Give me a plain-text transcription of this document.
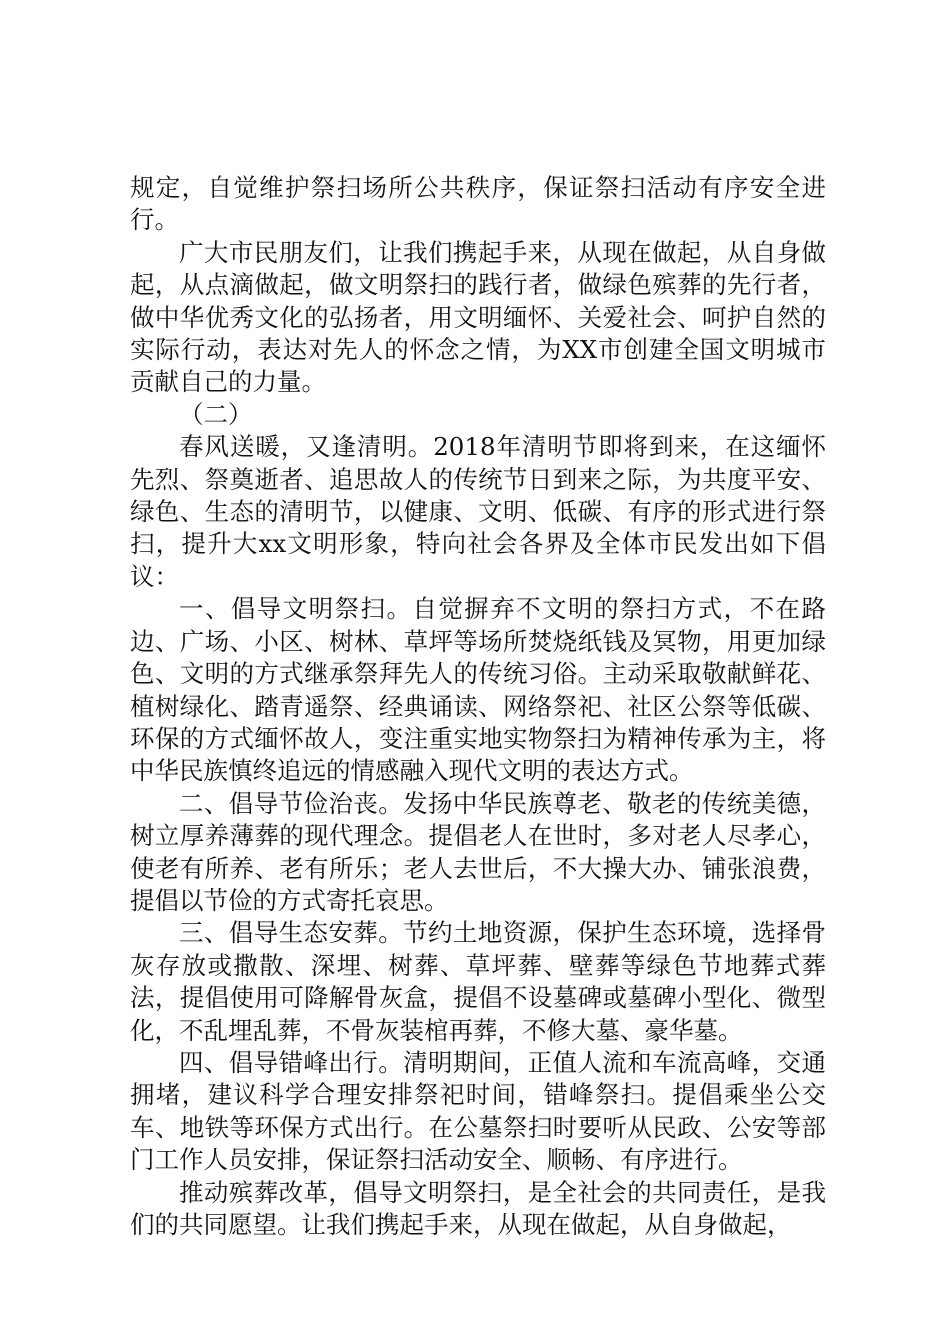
规定，自觉维护祭扫场所公共秩序，保证祭扫活动有序安全进行。

广大市民朋友们，让我们携起手来，从现在做起，从自身做起，从点滴做起，做文明祭扫的践行者，做绿色殡葬的先行者，做中华优秀文化的弘扬者，用文明缅怀、关爱社会、呵护自然的实际行动，表达对先人的怀念之情，为XX市创建全国文明城市贡献自己的力量。

（二）

春风送暖，又逢清明。2018年清明节即将到来，在这缅怀先烈、祭奠逝者、追思故人的传统节日到来之际，为共度平安、绿色、生态的清明节，以健康、文明、低碳、有序的形式进行祭扫，提升大xx文明形象，特向社会各界及全体市民发出如下倡议：

一、倡导文明祭扫。自觉摒弃不文明的祭扫方式，不在路边、广场、小区、树林、草坪等场所焚烧纸钱及冥物，用更加绿色、文明的方式继承祭拜先人的传统习俗。主动采取敬献鲜花、植树绿化、踏青遥祭、经典诵读、网络祭祀、社区公祭等低碳、环保的方式缅怀故人，变注重实地实物祭扫为精神传承为主，将中华民族慎终追远的情感融入现代文明的表达方式。

二、倡导节俭治丧。发扬中华民族尊老、敬老的传统美德，树立厚养薄葬的现代理念。提倡老人在世时，多对老人尽孝心，使老有所养、老有所乐；老人去世后，不大操大办、铺张浪费，提倡以节俭的方式寄托哀思。

三、倡导生态安葬。节约土地资源，保护生态环境，选择骨灰存放或撒散、深埋、树葬、草坪葬、壁葬等绿色节地葬式葬法，提倡使用可降解骨灰盒，提倡不设墓碑或墓碑小型化、微型化，不乱埋乱葬，不骨灰装棺再葬，不修大墓、豪华墓。

四、倡导错峰出行。清明期间，正值人流和车流高峰，交通拥堵，建议科学合理安排祭祀时间，错峰祭扫。提倡乘坐公交车、地铁等环保方式出行。在公墓祭扫时要听从民政、公安等部门工作人员安排，保证祭扫活动安全、顺畅、有序进行。

推动殡葬改革，倡导文明祭扫，是全社会的共同责任，是我们的共同愿望。让我们携起手来，从现在做起，从自身做起，
